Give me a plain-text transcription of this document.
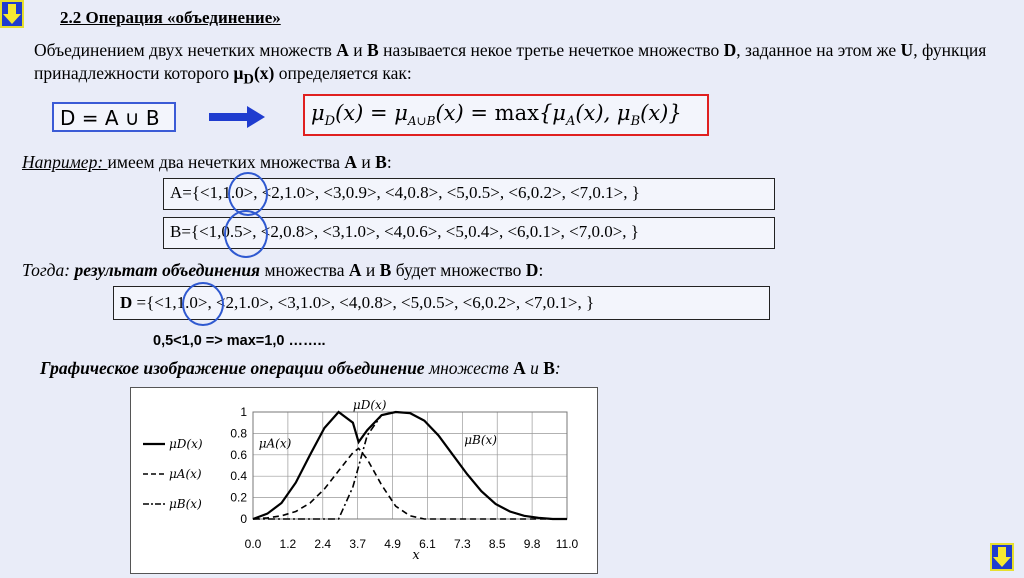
2.2 Операция «объединение»
Объединением двух нечетких множеств A и B называется некое третье нечеткое множество D, заданное на этом же U, функция принадлежности которого $\mu_D(x)$ определяется как:
D = A ∪ B	$\mu_D(x) = \mu_{A\cup B}(x) = \max\{\mu_A(x)$, $\mu_B(x)$}
Например: имеем два нечетких множества A и B:
A={<1,1.0>, <2,1.0>, <3,0.9>, <4,0.8>, <5,0.5>, <6,0.2>, <7,0.1>, }
B={<1,0.5>, <2,0.8>, <3,1.0>, <4,0.6>, <5,0.4>, <6,0.1>, <7,0.0>, }
Тогда: результат объединения множества A и B будет множество D:
D ={<1,1.0>, <2,1.0>, <3,1.0>, <4,0.8>, <5,0.5>, <6,0.2>, <7,0.1>, }
0,5<1,0 => max=1,0 ……..
Графическое изображение операции объединение множеств A и B:
0.0 1.2 2.4 3.7 4.9 6.1 7.3 8.5 9.8 11.0
0
0.2
0.4
0.6
0.8
1
x
μD(x)
μA(x)
μB(x)
μD(x)
μA(x)	μB(x)
